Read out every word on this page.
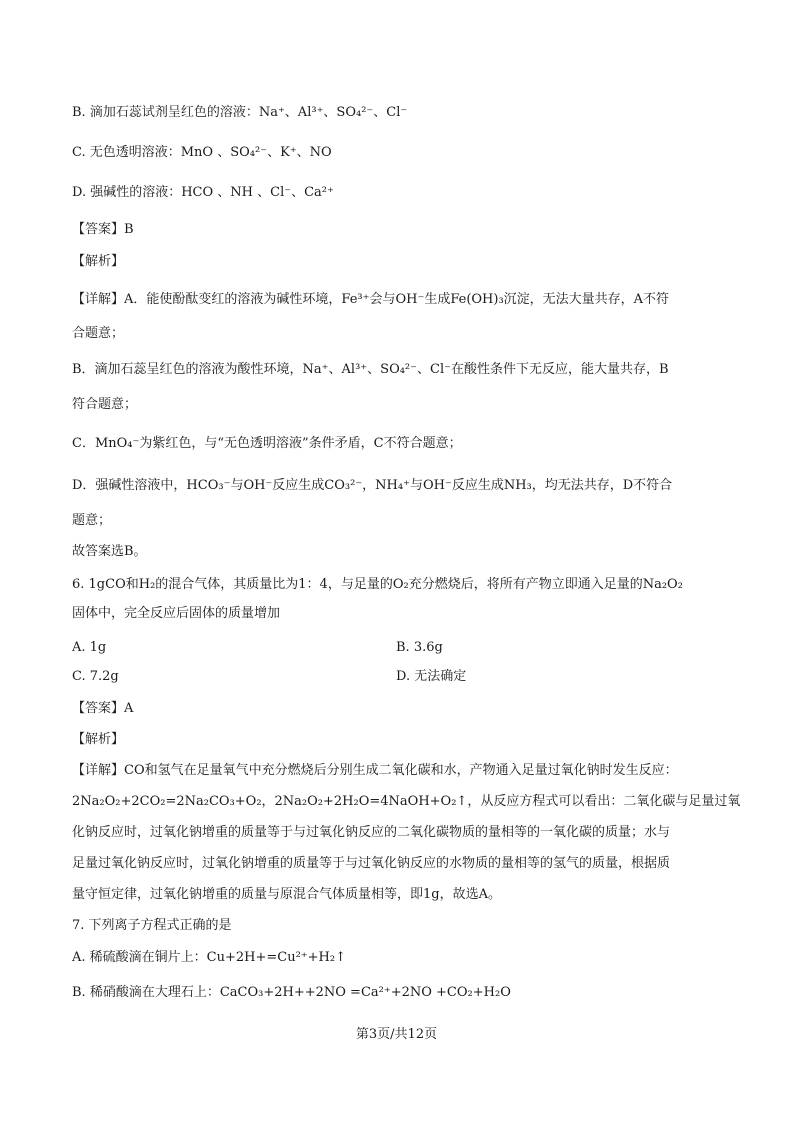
B. 滴加石蕊试剂呈红色的溶液：Na⁺、Al³⁺、SO₄²⁻、Cl⁻
C. 无色透明溶液：MnO 、SO₄²⁻、K⁺、NO
D. 强碱性的溶液：HCO 、NH 、Cl⁻、Ca²⁺
【答案】B
【解析】
【详解】A．能使酚酞变红的溶液为碱性环境，Fe³⁺会与OH⁻生成Fe(OH)₃沉淀，无法大量共存，A不符
合题意；
B．滴加石蕊呈红色的溶液为酸性环境，Na⁺、Al³⁺、SO₄²⁻、Cl⁻在酸性条件下无反应，能大量共存，B
符合题意；
C．MnO₄⁻为紫红色，与“无色透明溶液”条件矛盾，C不符合题意；
D．强碱性溶液中，HCO₃⁻与OH⁻反应生成CO₃²⁻，NH₄⁺与OH⁻反应生成NH₃，均无法共存，D不符合
题意；
故答案选B。
6. 1gCO和H₂的混合气体，其质量比为1：4，与足量的O₂充分燃烧后，将所有产物立即通入足量的Na₂O₂
固体中，完全反应后固体的质量增加
A. 1g	B. 3.6g
C. 7.2g	D. 无法确定
【答案】A
【解析】
【详解】CO和氢气在足量氧气中充分燃烧后分别生成二氧化碳和水，产物通入足量过氧化钠时发生反应：
2Na₂O₂+2CO₂=2Na₂CO₃+O₂，2Na₂O₂+2H₂O=4NaOH+O₂↑，从反应方程式可以看出：二氧化碳与足量过氧
化钠反应时，过氧化钠增重的质量等于与过氧化钠反应的二氧化碳物质的量相等的一氧化碳的质量；水与
足量过氧化钠反应时，过氧化钠增重的质量等于与过氧化钠反应的水物质的量相等的氢气的质量，根据质
量守恒定律，过氧化钠增重的质量与原混合气体质量相等，即1g，故选A。
7. 下列离子方程式正确的是
A. 稀硫酸滴在铜片上：Cu+2H+=Cu²⁺+H₂↑
B. 稀硝酸滴在大理石上：CaCO₃+2H++2NO =Ca²⁺+2NO +CO₂+H₂O
第3页/共12页
